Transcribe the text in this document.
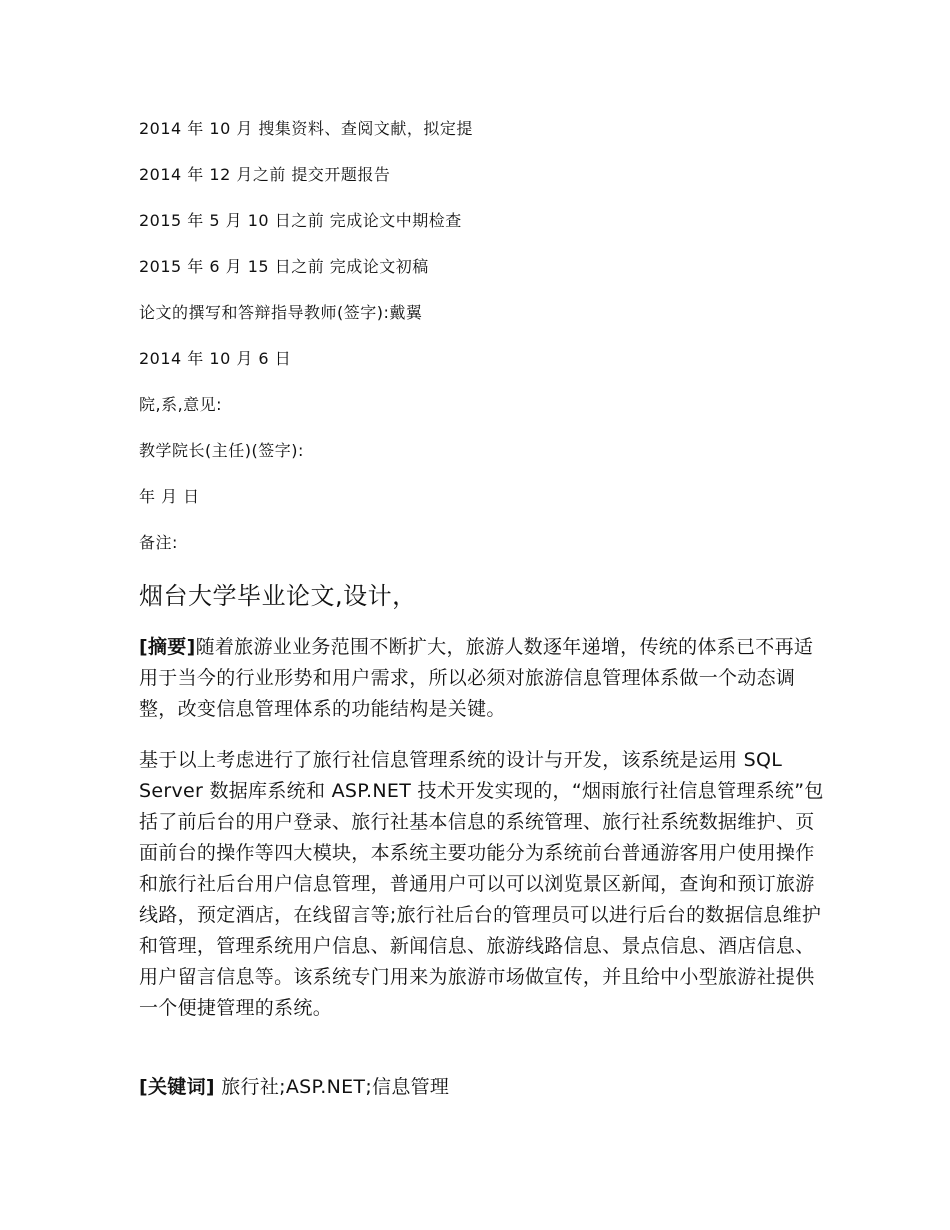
2014 年 10 月 搜集资料、查阅文献，拟定提
2014 年 12 月之前 提交开题报告
2015 年 5 月 10 日之前 完成论文中期检查
2015 年 6 月 15 日之前 完成论文初稿
论文的撰写和答辩指导教师(签字):戴翼
2014 年 10 月 6 日
院,系,意见:
教学院长(主任)(签字):
年 月 日
备注:
烟台大学毕业论文,设计，

[摘要]随着旅游业业务范围不断扩大，旅游人数逐年递增，传统的体系已不再适用于当今的行业形势和用户需求，所以必须对旅游信息管理体系做一个动态调整，改变信息管理体系的功能结构是关键。

基于以上考虑进行了旅行社信息管理系统的设计与开发，该系统是运用 SQL Server 数据库系统和 ASP.NET 技术开发实现的，“烟雨旅行社信息管理系统”包括了前后台的用户登录、旅行社基本信息的系统管理、旅行社系统数据维护、页面前台的操作等四大模块，本系统主要功能分为系统前台普通游客用户使用操作和旅行社后台用户信息管理，普通用户可以可以浏览景区新闻，查询和预订旅游线路，预定酒店，在线留言等;旅行社后台的管理员可以进行后台的数据信息维护和管理，管理系统用户信息、新闻信息、旅游线路信息、景点信息、酒店信息、用户留言信息等。该系统专门用来为旅游市场做宣传，并且给中小型旅游社提供一个便捷管理的系统。

[关键词] 旅行社;ASP.NET;信息管理
